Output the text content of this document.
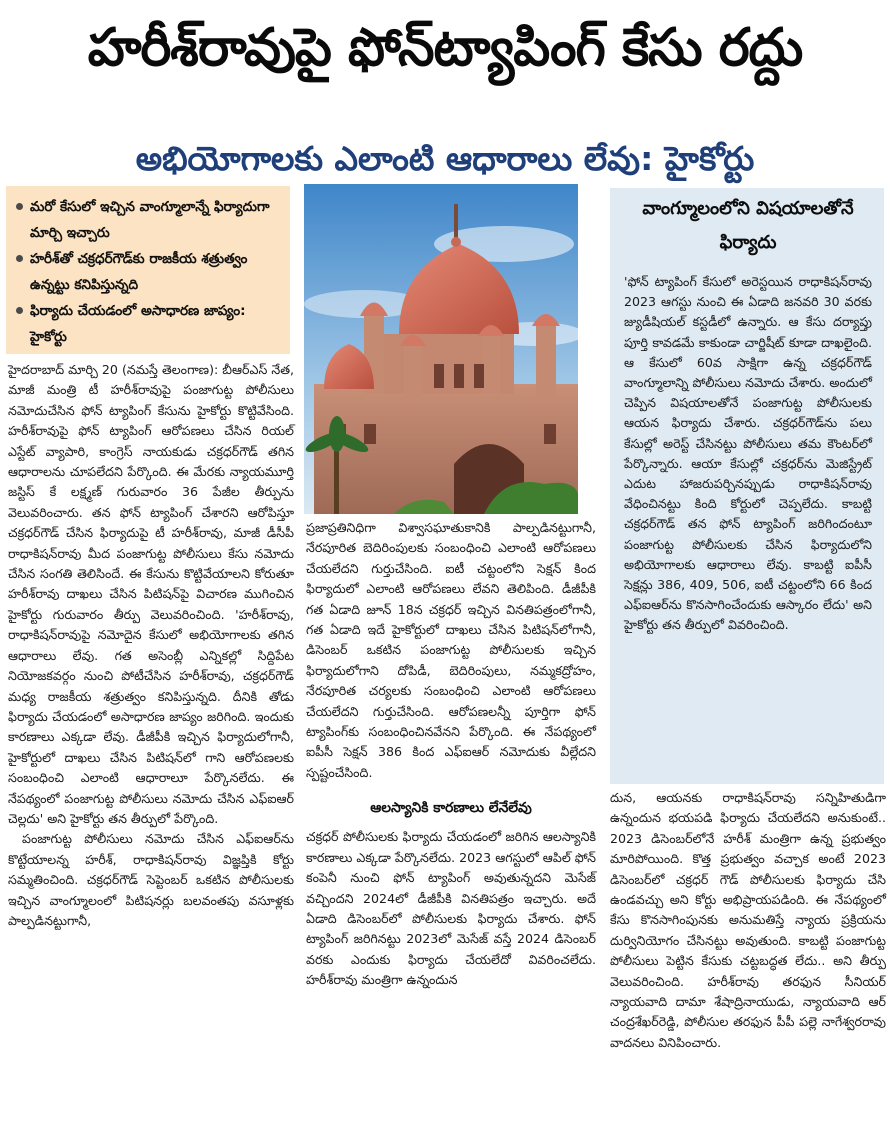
హరీశ్‌రావుపై ఫోన్‌ట్యాపింగ్ కేసు రద్దు
అభియోగాలకు ఎలాంటి ఆధారాలు లేవు: హైకోర్టు
మరో కేసులో ఇచ్చిన వాంగ్మూలాన్నే ఫిర్యాదుగా మార్చి ఇచ్చారు
హరీశ్‌తో చక్రధర్‌గౌడ్‌కు రాజకీయ శత్రుత్వం ఉన్నట్టు కనిపిస్తున్నది
ఫిర్యాదు చేయడంలో అసాధారణ జాప్యం: హైకోర్టు
వాంగ్మూలంలోని విషయాలతోనే ఫిర్యాదు

'ఫోన్ ట్యాపింగ్ కేసులో అరెస్టయిన రాధాకిషన్‌రావు 2023 ఆగస్టు నుంచి ఈ ఏడాది జనవరి 30 వరకు జ్యుడీషియల్ కస్టడీలో ఉన్నారు. ఆ కేసు దర్యాప్తు పూర్తి కావడమే కాకుండా చార్జిషీట్ కూడా దాఖలైంది. ఆ కేసులో 60వ సాక్షిగా ఉన్న చక్రధర్‌గౌడ్ వాంగ్మూలాన్ని పోలీసులు నమోదు చేశారు. అందులో చెప్పిన విషయాలతోనే పంజాగుట్ట పోలీసులకు ఆయన ఫిర్యాదు చేశారు. చక్రధర్‌గౌడ్‌ను పలు కేసుల్లో అరెస్ట్ చేసినట్టు పోలీసులు తమ కౌంటర్‌లో పేర్కొన్నారు. ఆయా కేసుల్లో చక్రధర్‌ను మెజిస్ట్రేట్ ఎదుట హాజరుపర్చినప్పుడు రాధాకిషన్‌రావు వేధించినట్టు కింది కోర్టులో చెప్పలేదు. కాబట్టి చక్రధర్‌గౌడ్ తన ఫోన్ ట్యాపింగ్ జరిగిందంటూ పంజాగుట్ట పోలీసులకు చేసిన ఫిర్యాదులోని అభియోగాలకు ఆధారాలు లేవు. కాబట్టి ఐపీసీ సెక్షన్లు 386, 409, 506, ఐటీ చట్టంలోని 66 కింద ఎఫ్‌ఐఆర్‌ను కొనసాగించేందుకు ఆస్కారం లేదు' అని హైకోర్టు తన తీర్పులో వివరించింది.

హైదరాబాద్ మార్చి 20 (నమస్తే తెలంగాణ): బీఆర్‌ఎస్ నేత, మాజీ మంత్రి టీ హరీశ్‌రావుపై పంజాగుట్ట పోలీసులు నమోదుచేసిన ఫోన్ ట్యాపింగ్ కేసును హైకోర్టు కొట్టివేసింది. హరీశ్‌రావుపై ఫోన్ ట్యాపింగ్ ఆరోపణలు చేసిన రియల్ ఎస్టేట్ వ్యాపారి, కాంగ్రెస్ నాయకుడు చక్రధర్‌గౌడ్ తగిన ఆధారాలను చూపలేదని పేర్కొంది. ఈ మేరకు న్యాయమూర్తి జస్టిస్ కే లక్ష్మణ్ గురువారం 36 పేజీల తీర్పును వెలువరించారు. తన ఫోన్ ట్యాపింగ్ చేశారని ఆరోపిస్తూ చక్రధర్‌గౌడ్ చేసిన ఫిర్యాదుపై టీ హరీశ్‌రావు, మాజీ డీసీపీ రాధాకిషన్‌రావు మీద పంజాగుట్ట పోలీసులు కేసు నమోదు చేసిన సంగతి తెలిసిందే. ఈ కేసును కొట్టివేయాలని కోరుతూ హరీశ్‌రావు దాఖలు చేసిన పిటిషన్‌పై విచారణ ముగించిన హైకోర్టు గురువారం తీర్పు వెలువరించింది. 'హరీశ్‌రావు, రాధాకిషన్‌రావుపై నమోదైన కేసులో అభియోగాలకు తగిన ఆధారాలు లేవు. గత అసెంబ్లీ ఎన్నికల్లో సిద్దిపేట నియోజకవర్గం నుంచి పోటీచేసిన హరీశ్‌రావు, చక్రధర్‌గౌడ్ మధ్య రాజకీయ శత్రుత్వం కనిపిస్తున్నది. దీనికి తోడు ఫిర్యాదు చేయడంలో అసాధారణ జాప్యం జరిగింది. ఇందుకు కారణాలు ఎక్కడా లేవు. డీజీపీకి ఇచ్చిన ఫిర్యాదులోగానీ, హైకోర్టులో దాఖలు చేసిన పిటిషన్‌లో గాని ఆరోపణలకు సంబంధించి ఎలాంటి ఆధారాలూ పేర్కొనలేదు. ఈ నేపథ్యంలో పంజాగుట్ట పోలీసులు నమోదు చేసిన ఎఫ్‌ఐఆర్ చెల్లదు' అని హైకోర్టు తన తీర్పులో పేర్కొంది.

పంజాగుట్ట పోలీసులు నమోదు చేసిన ఎఫ్‌ఐఆర్‌ను కొట్టేయాలన్న హరీశ్, రాధాకిషన్‌రావు విజ్ఞప్తికి కోర్టు సమ్మతించింది. చక్రధర్‌గౌడ్ సెప్టెంబర్ ఒకటిన పోలీసులకు ఇచ్చిన వాంగ్మూలంలో పిటిషనర్లు బలవంతపు వసూళ్లకు పాల్పడినట్టుగానీ,

ప్రజాప్రతినిధిగా విశ్వాసఘాతుకానికి పాల్పడినట్టుగానీ, నేరపూరిత బెదిరింపులకు సంబంధించి ఎలాంటి ఆరోపణలు చేయలేదని గుర్తుచేసింది. ఐటీ చట్టంలోని సెక్షన్ కింద ఫిర్యాదులో ఎలాంటి ఆరోపణలు లేవని తెలిపింది. డీజీపీకి గత ఏడాది జూన్ 18న చక్రధర్ ఇచ్చిన వినతిపత్రంలోగానీ, గత ఏడాది ఇదే హైకోర్టులో దాఖలు చేసిన పిటిషన్‌లోగానీ, డిసెంబర్ ఒకటిన పంజాగుట్ట పోలీసులకు ఇచ్చిన ఫిర్యాదులోగాని దోపిడీ, బెదిరింపులు, నమ్మకద్రోహం, నేరపూరిత చర్యలకు సంబంధించి ఎలాంటి ఆరోపణలు చేయలేదని గుర్తుచేసింది. ఆరోపణలన్నీ పూర్తిగా ఫోన్ ట్యాపింగ్‌కు సంబంధించినవేనని పేర్కొంది. ఈ నేపథ్యంలో ఐపీసీ సెక్షన్ 386 కింద ఎఫ్‌ఐఆర్ నమోదుకు వీల్లేదని స్పష్టంచేసింది.

ఆలస్యానికి కారణాలు లేనేలేవు

చక్రధర్ పోలీసులకు ఫిర్యాదు చేయడంలో జరిగిన ఆలస్యానికి కారణాలు ఎక్కడా పేర్కొనలేదు. 2023 ఆగస్టులో ఆపిల్ ఫోన్ కంపెనీ నుంచి ఫోన్ ట్యాపింగ్ అవుతున్నదని మెసేజ్ వచ్చిందని 2024లో డీజీపీకి వినతిపత్రం ఇచ్చారు. అదే ఏడాది డిసెంబర్‌లో పోలీసులకు ఫిర్యాదు చేశారు. ఫోన్ ట్యాపింగ్ జరిగినట్టు 2023లో మెసేజ్ వస్తే 2024 డిసెంబర్ వరకు ఎందుకు ఫిర్యాదు చేయలేదో వివరించలేదు. హరీశ్‌రావు మంత్రిగా ఉన్నందున

దున, ఆయనకు రాధాకిషన్‌రావు సన్నిహితుడిగా ఉన్నందున భయపడి ఫిర్యాదు చేయలేదని అనుకుంటే.. 2023 డిసెంబర్‌లోనే హరీశ్ మంత్రిగా ఉన్న ప్రభుత్వం మారిపోయింది. కొత్త ప్రభుత్వం వచ్చాక అంటే 2023 డిసెంబర్‌లో చక్రధర్ గౌడ్ పోలీసులకు ఫిర్యాదు చేసి ఉండవచ్చు అని కోర్టు అభిప్రాయపడింది. ఈ నేపథ్యంలో కేసు కొనసాగింపునకు అనుమతిస్తే న్యాయ ప్రక్రియను దుర్వినియోగం చేసినట్టు అవుతుంది. కాబట్టి పంజాగుట్ట పోలీసులు పెట్టిన కేసుకు చట్టబద్ధత లేదు.. అని తీర్పు వెలువరించింది. హరీశ్‌రావు తరఫున సీనియర్ న్యాయవాది దామా శేషాద్రినాయుడు, న్యాయవాది ఆర్ చంద్రశేఖర్‌రెడ్డి, పోలీసుల తరఫున పీపీ పల్లె నాగేశ్వరరావు వాదనలు వినిపించారు.
